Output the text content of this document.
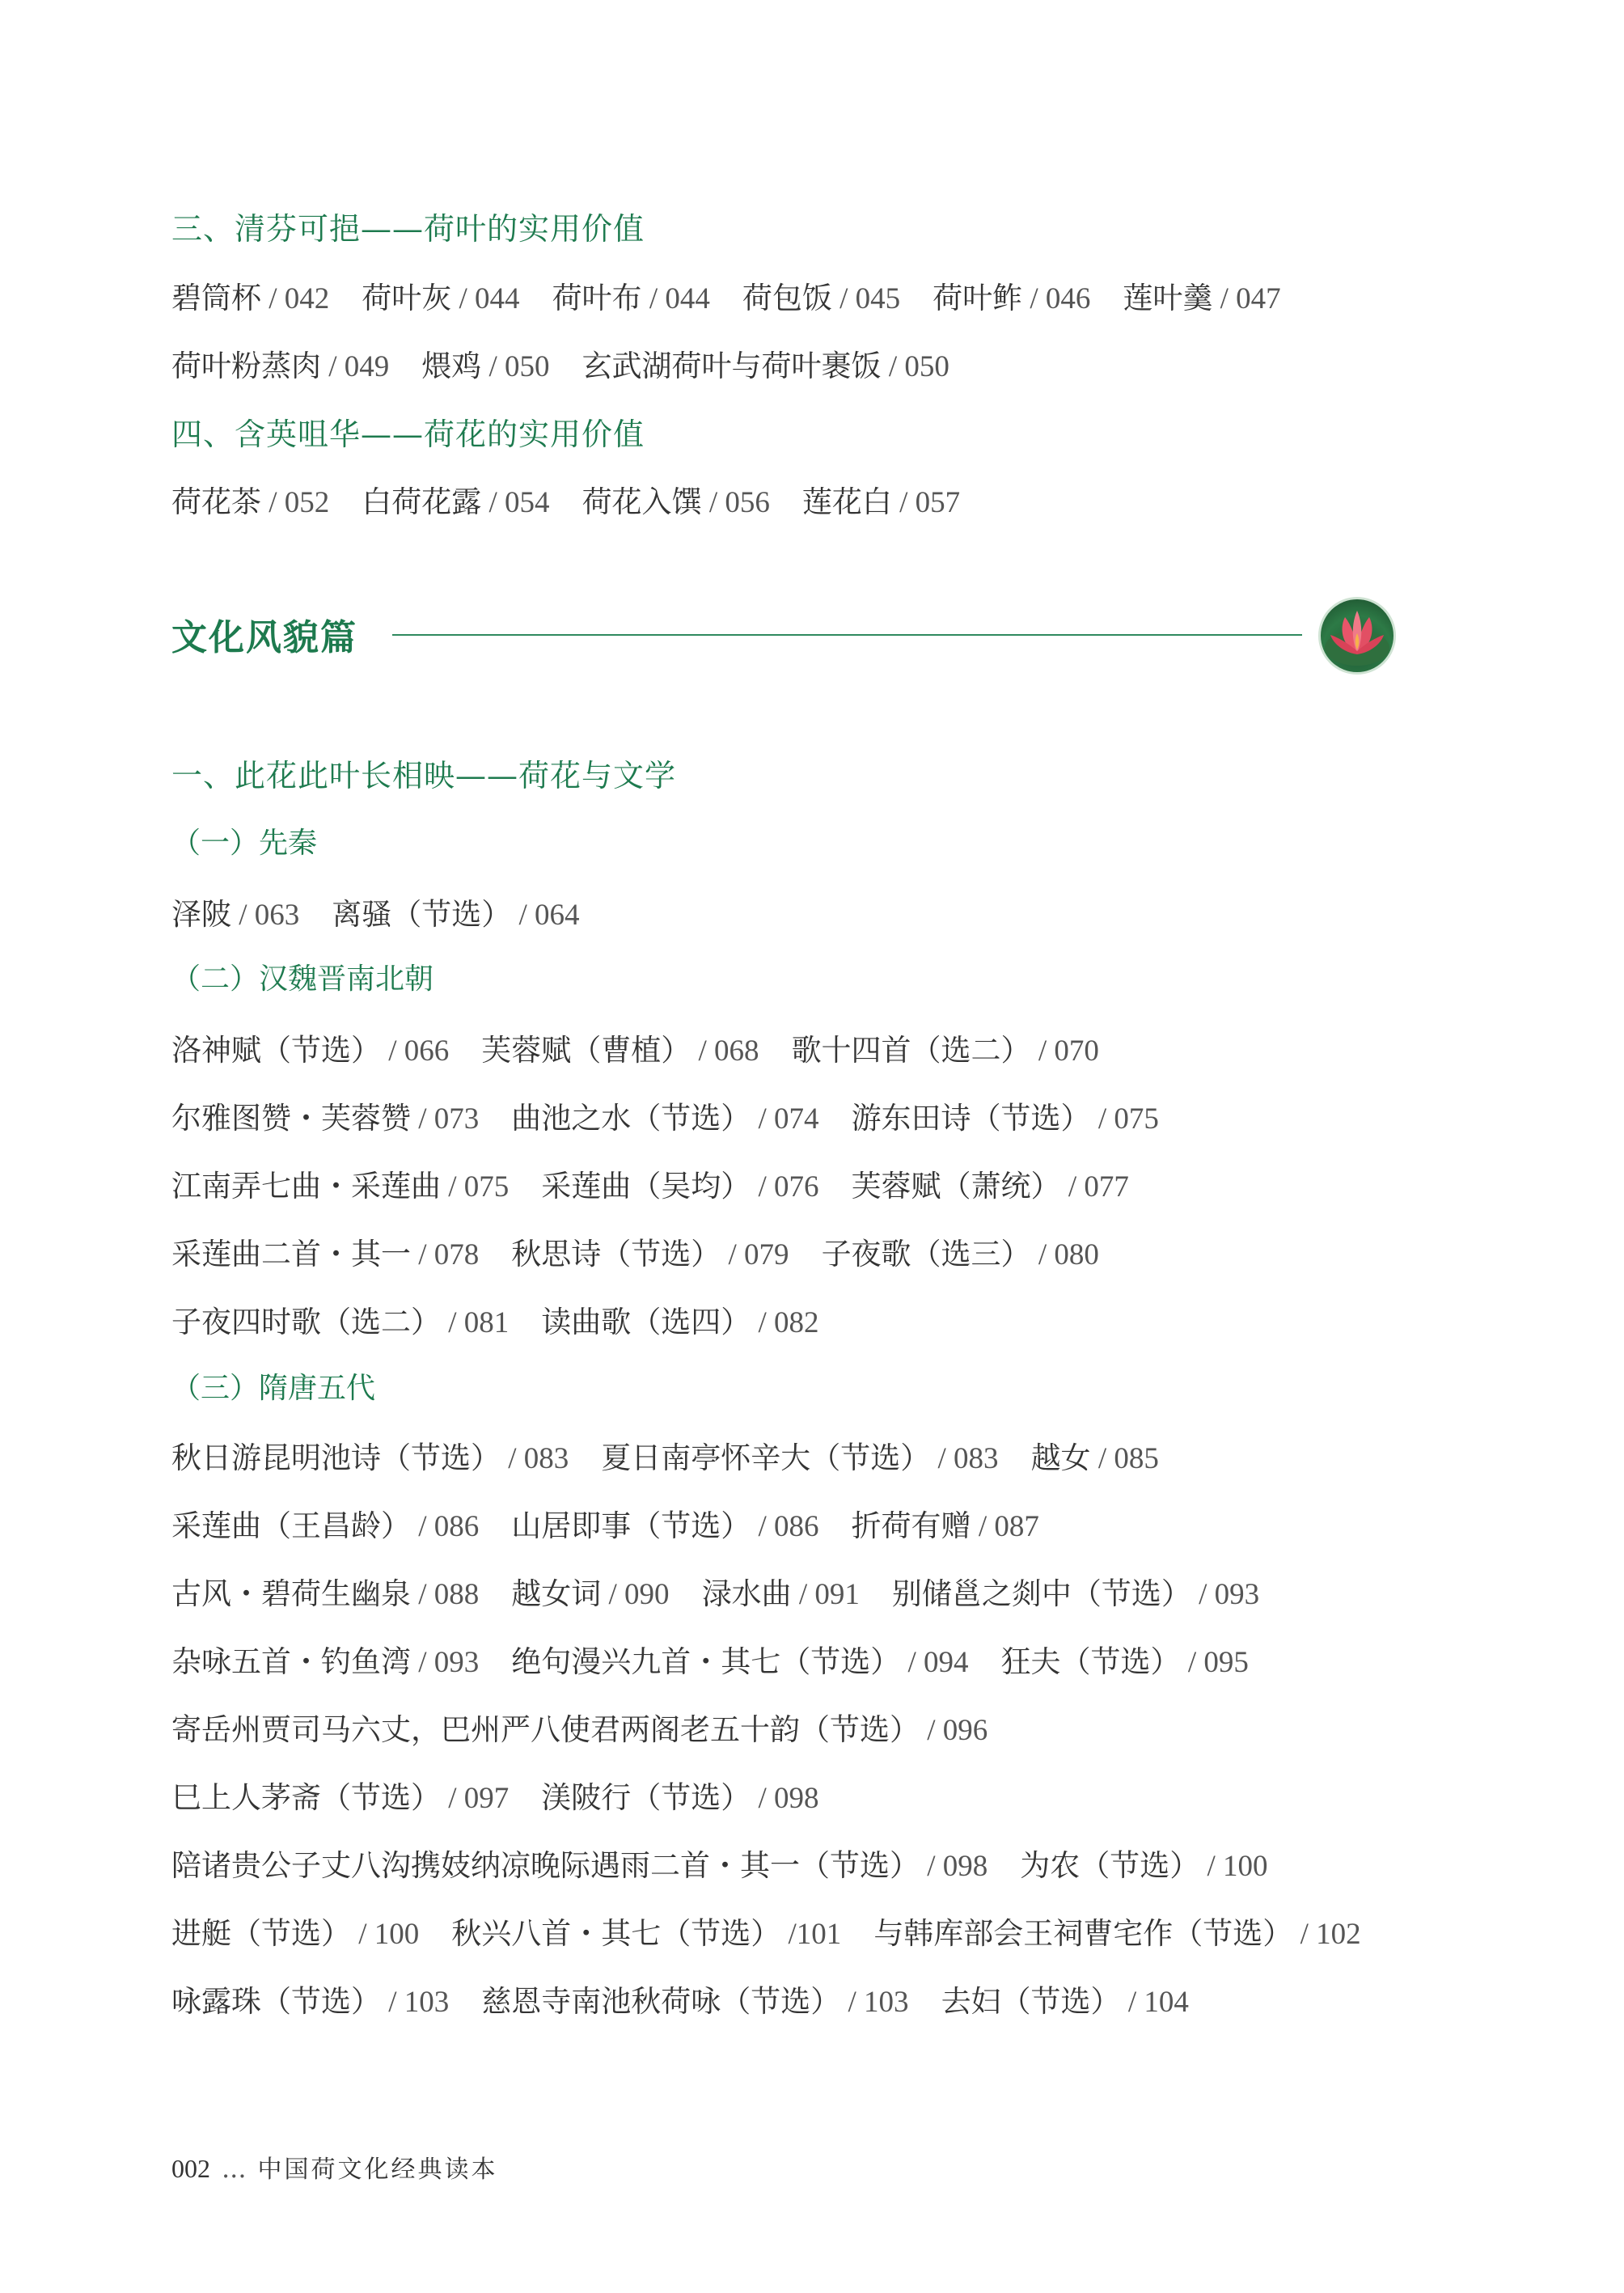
三、清芬可挹——荷叶的实用价值
碧筒杯 / 042 荷叶灰 / 044 荷叶布 / 044 荷包饭 / 045 荷叶鲊 / 046 莲叶羹 / 047
荷叶粉蒸肉 / 049 煨鸡 / 050 玄武湖荷叶与荷叶裹饭 / 050
四、含英咀华——荷花的实用价值
荷花茶 / 052 白荷花露 / 054 荷花入馔 / 056 莲花白 / 057
文化风貌篇
一、此花此叶长相映——荷花与文学
（一）先秦
泽陂 / 063 离骚（节选） / 064
（二）汉魏晋南北朝
洛神赋（节选） / 066 芙蓉赋（曹植） / 068 歌十四首（选二） / 070
尔雅图赞・芙蓉赞 / 073 曲池之水（节选） / 074 游东田诗（节选） / 075
江南弄七曲・采莲曲 / 075 采莲曲（吴均） / 076 芙蓉赋（萧统） / 077
采莲曲二首・其一 / 078 秋思诗（节选） / 079 子夜歌（选三） / 080
子夜四时歌（选二） / 081 读曲歌（选四） / 082
（三）隋唐五代
秋日游昆明池诗（节选） / 083 夏日南亭怀辛大（节选） / 083 越女 / 085
采莲曲（王昌龄） / 086 山居即事（节选） / 086 折荷有赠 / 087
古风・碧荷生幽泉 / 088 越女词 / 090 渌水曲 / 091 别储邕之剡中（节选） / 093
杂咏五首・钓鱼湾 / 093 绝句漫兴九首・其七（节选） / 094 狂夫（节选） / 095
寄岳州贾司马六丈，巴州严八使君两阁老五十韵（节选） / 096
巳上人茅斋（节选） / 097 渼陂行（节选） / 098
陪诸贵公子丈八沟携妓纳凉晚际遇雨二首・其一（节选） / 098 为农（节选） / 100
进艇（节选） / 100 秋兴八首・其七（节选） /101 与韩库部会王祠曹宅作（节选） / 102
咏露珠（节选） / 103 慈恩寺南池秋荷咏（节选） / 103 去妇（节选） / 104
002 ... 中国荷文化经典读本
